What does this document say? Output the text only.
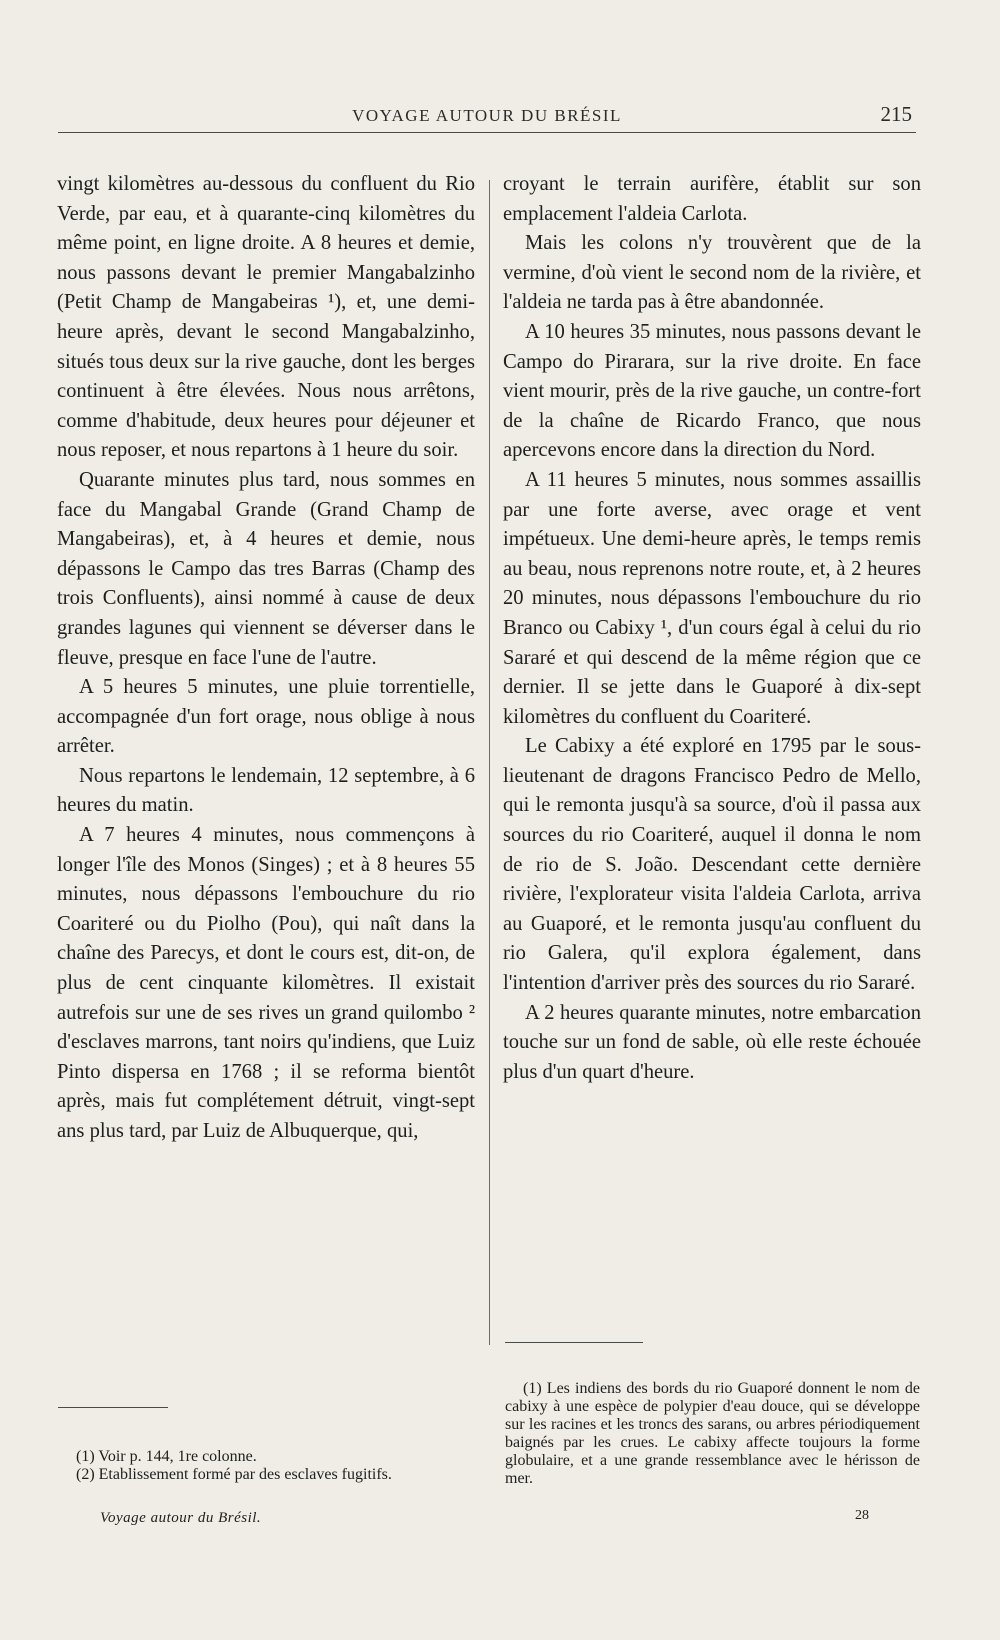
VOYAGE AUTOUR DU BRÉSIL	215

vingt kilomètres au-dessous du confluent du Rio Verde, par eau, et à quarante-cinq kilomètres du même point, en ligne droite. A 8 heures et demie, nous passons devant le premier Mangabalzinho (Petit Champ de Mangabeiras ¹), et, une demi-heure après, devant le second Mangabalzinho, situés tous deux sur la rive gauche, dont les berges continuent à être élevées. Nous nous arrêtons, comme d'habitude, deux heures pour déjeuner et nous reposer, et nous repartons à 1 heure du soir.

Quarante minutes plus tard, nous sommes en face du Mangabal Grande (Grand Champ de Mangabeiras), et, à 4 heures et demie, nous dépassons le Campo das tres Barras (Champ des trois Confluents), ainsi nommé à cause de deux grandes lagunes qui viennent se déverser dans le fleuve, presque en face l'une de l'autre.

A 5 heures 5 minutes, une pluie torrentielle, accompagnée d'un fort orage, nous oblige à nous arrêter.

Nous repartons le lendemain, 12 septembre, à 6 heures du matin.

A 7 heures 4 minutes, nous commençons à longer l'île des Monos (Singes) ; et à 8 heures 55 minutes, nous dépassons l'embouchure du rio Coariteré ou du Piolho (Pou), qui naît dans la chaîne des Parecys, et dont le cours est, dit-on, de plus de cent cinquante kilomètres. Il existait autrefois sur une de ses rives un grand quilombo ² d'esclaves marrons, tant noirs qu'indiens, que Luiz Pinto dispersa en 1768 ; il se reforma bientôt après, mais fut complétement détruit, vingt-sept ans plus tard, par Luiz de Albuquerque, qui,

croyant le terrain aurifère, établit sur son emplacement l'aldeia Carlota.

Mais les colons n'y trouvèrent que de la vermine, d'où vient le second nom de la rivière, et l'aldeia ne tarda pas à être abandonnée.

A 10 heures 35 minutes, nous passons devant le Campo do Pirarara, sur la rive droite. En face vient mourir, près de la rive gauche, un contre-fort de la chaîne de Ricardo Franco, que nous apercevons encore dans la direction du Nord.

A 11 heures 5 minutes, nous sommes assaillis par une forte averse, avec orage et vent impétueux. Une demi-heure après, le temps remis au beau, nous reprenons notre route, et, à 2 heures 20 minutes, nous dépassons l'embouchure du rio Branco ou Cabixy ¹, d'un cours égal à celui du rio Sararé et qui descend de la même région que ce dernier. Il se jette dans le Guaporé à dix-sept kilomètres du confluent du Coariteré.

Le Cabixy a été exploré en 1795 par le sous-lieutenant de dragons Francisco Pedro de Mello, qui le remonta jusqu'à sa source, d'où il passa aux sources du rio Coariteré, auquel il donna le nom de rio de S. João. Descendant cette dernière rivière, l'explorateur visita l'aldeia Carlota, arriva au Guaporé, et le remonta jusqu'au confluent du rio Galera, qu'il explora également, dans l'intention d'arriver près des sources du rio Sararé.

A 2 heures quarante minutes, notre embarcation touche sur un fond de sable, où elle reste échouée plus d'un quart d'heure.

(1) Voir p. 144, 1re colonne.

(2) Etablissement formé par des esclaves fugitifs.

(1) Les indiens des bords du rio Guaporé donnent le nom de cabixy à une espèce de polypier d'eau douce, qui se développe sur les racines et les troncs des sarans, ou arbres périodiquement baignés par les crues. Le cabixy affecte toujours la forme globulaire, et a une grande ressemblance avec le hérisson de mer.

Voyage autour du Brésil.	28
